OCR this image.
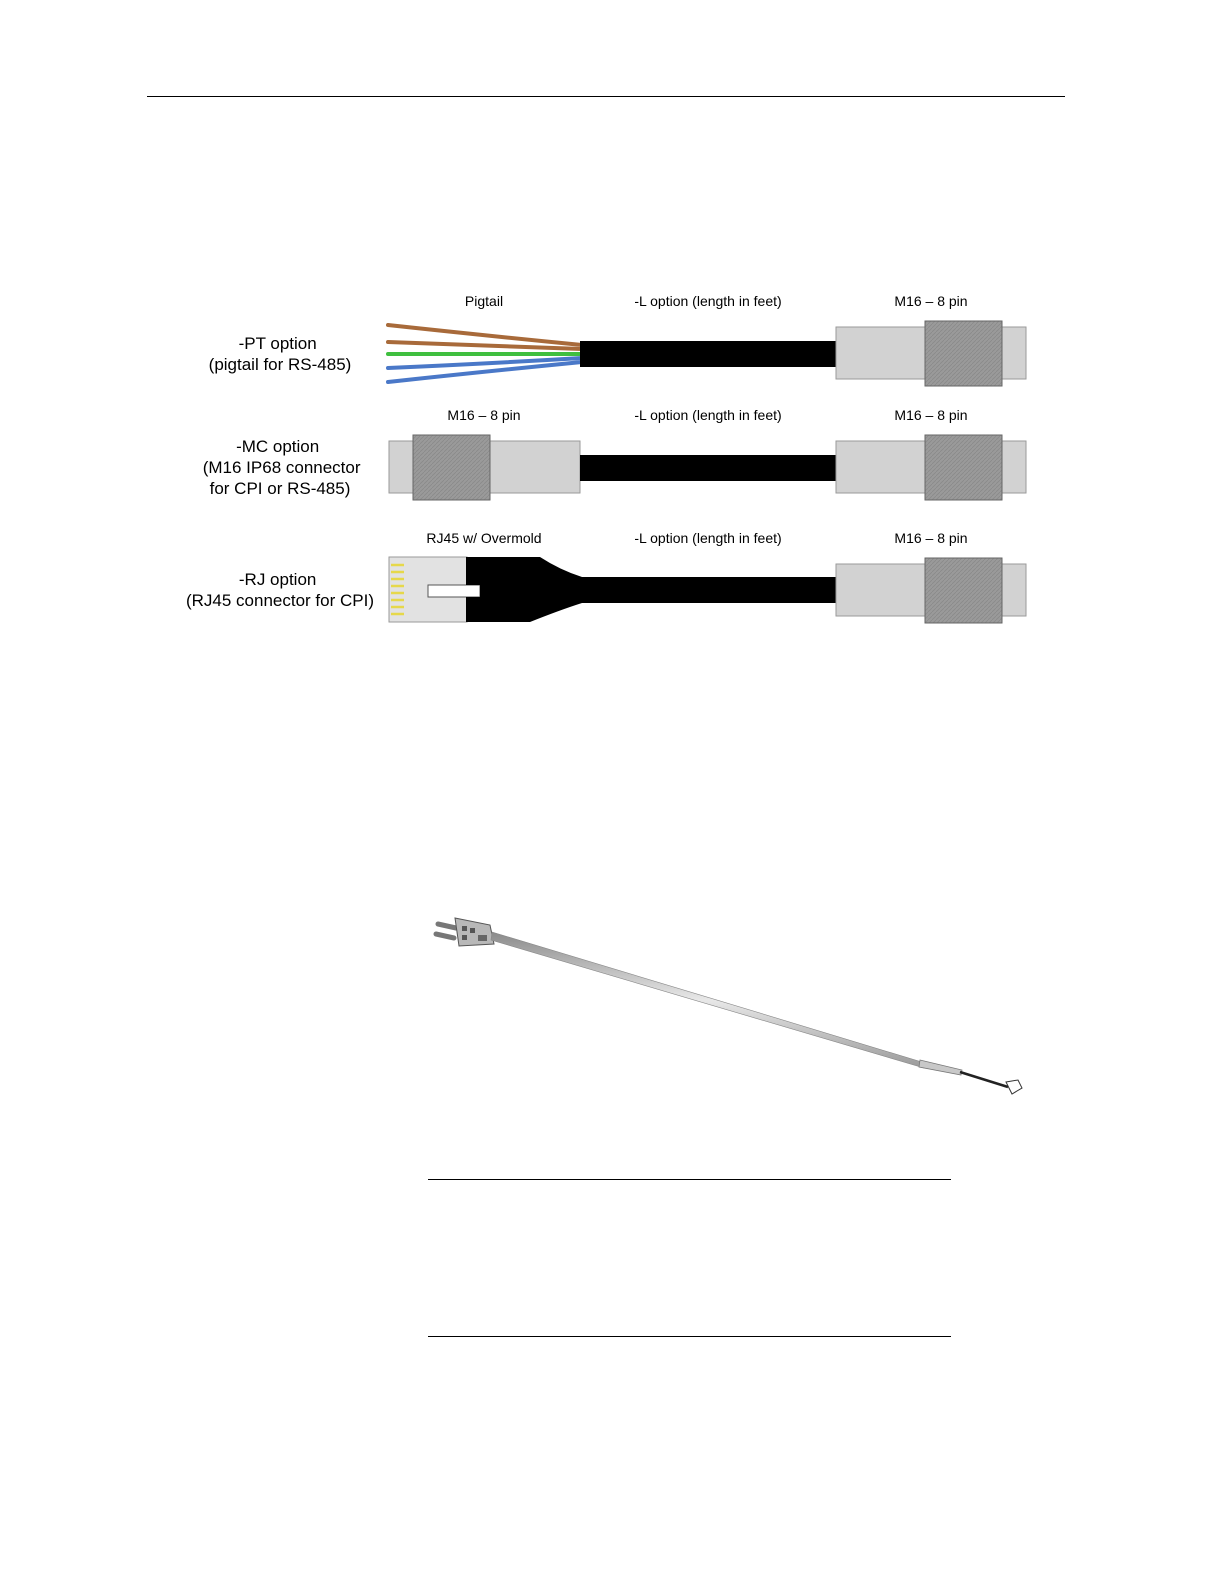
-PT option (pigtail for RS-485)
Pigtail	-L option (length in feet)	M16 – 8 pin
-MC option (M16 IP68 connector for CPI or RS-485)
M16 – 8 pin	-L option (length in feet)	M16 – 8 pin
-RJ option (RJ45 connector for CPI)
RJ45 w/ Overmold	-L option (length in feet)	M16 – 8 pin
